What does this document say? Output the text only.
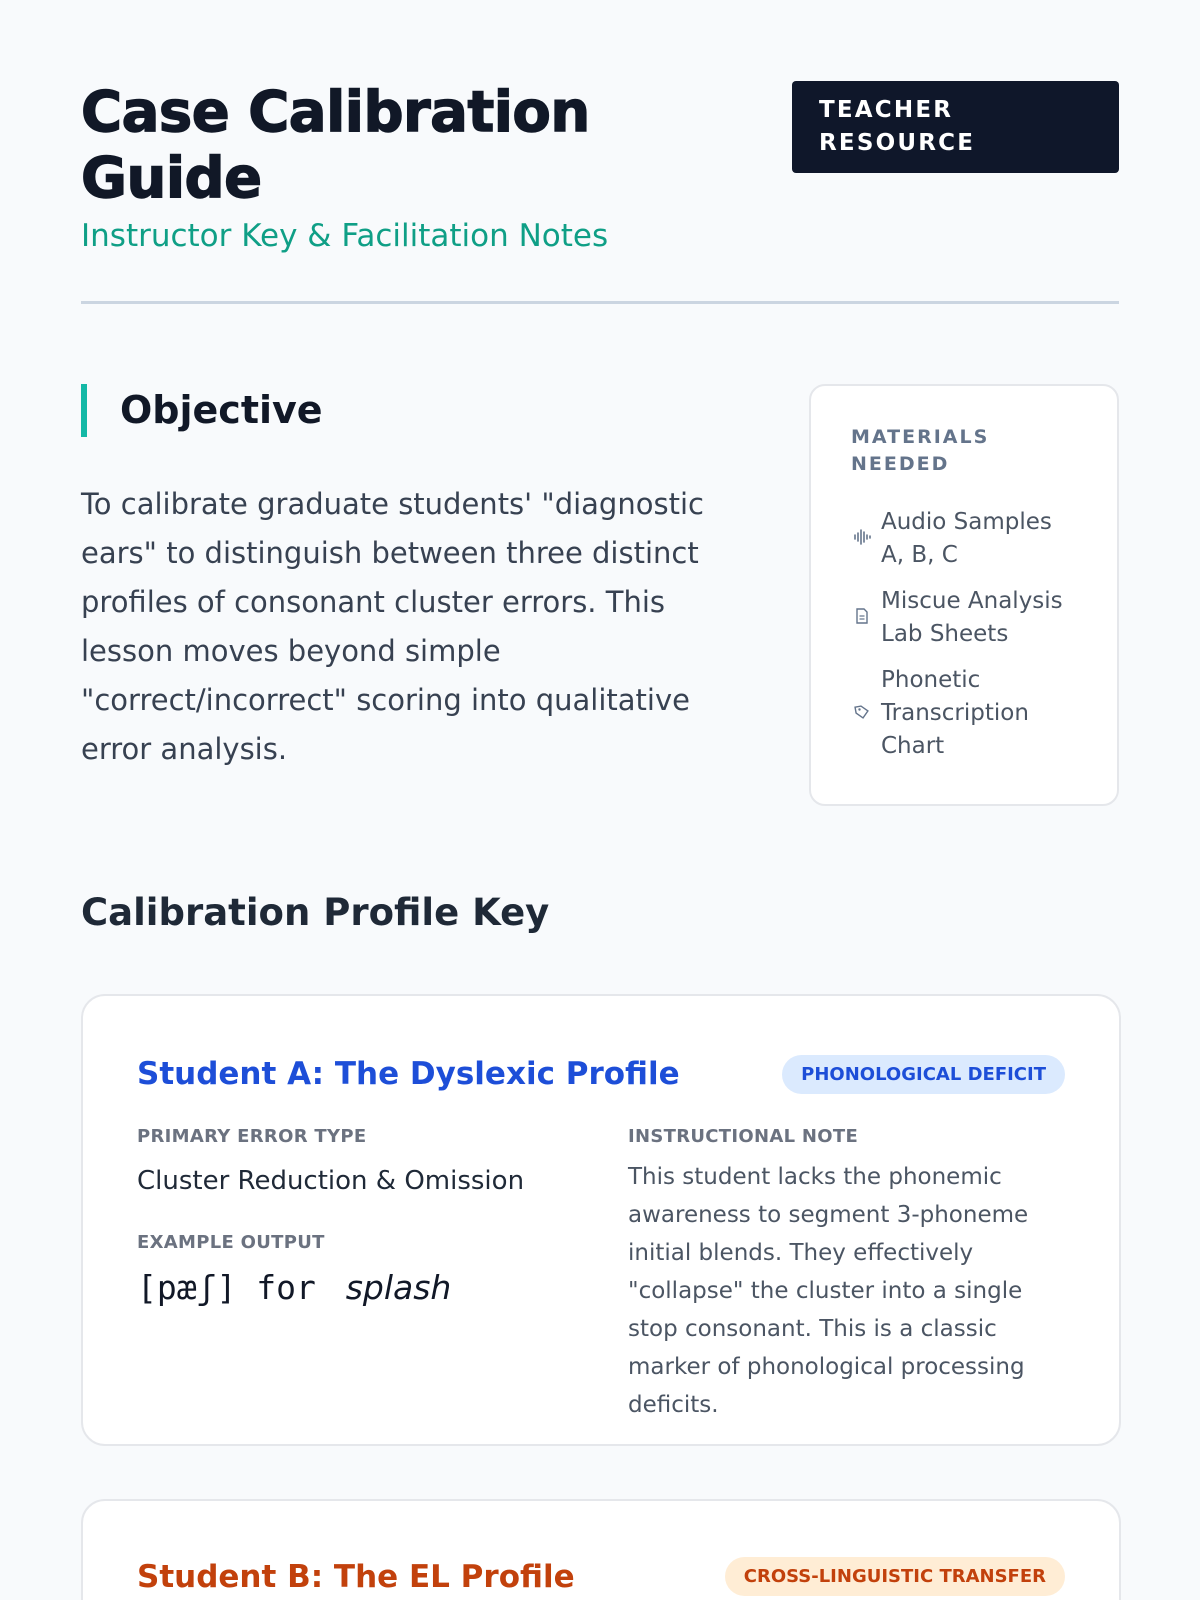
Case Calibration Guide
Instructor Key & Facilitation Notes
TEACHER
RESOURCE
Objective

To calibrate graduate students' "diagnostic ears" to distinguish between three distinct profiles of consonant cluster errors. This lesson moves beyond simple "correct/incorrect" scoring into qualitative error analysis.

MATERIALS
NEEDED
Audio Samples A, B, C
Miscue Analysis Lab Sheets
Phonetic Transcription Chart
Calibration Profile Key
Student A: The Dyslexic Profile	PHONOLOGICAL DEFICIT
PRIMARY ERROR TYPE
Cluster Reduction & Omission
EXAMPLE OUTPUT
[pæʃ] for splash
INSTRUCTIONAL NOTE

This student lacks the phonemic awareness to segment 3-phoneme initial blends. They effectively "collapse" the cluster into a single stop consonant. This is a classic marker of phonological processing deficits.

Student B: The EL Profile	CROSS-LINGUISTIC TRANSFER
